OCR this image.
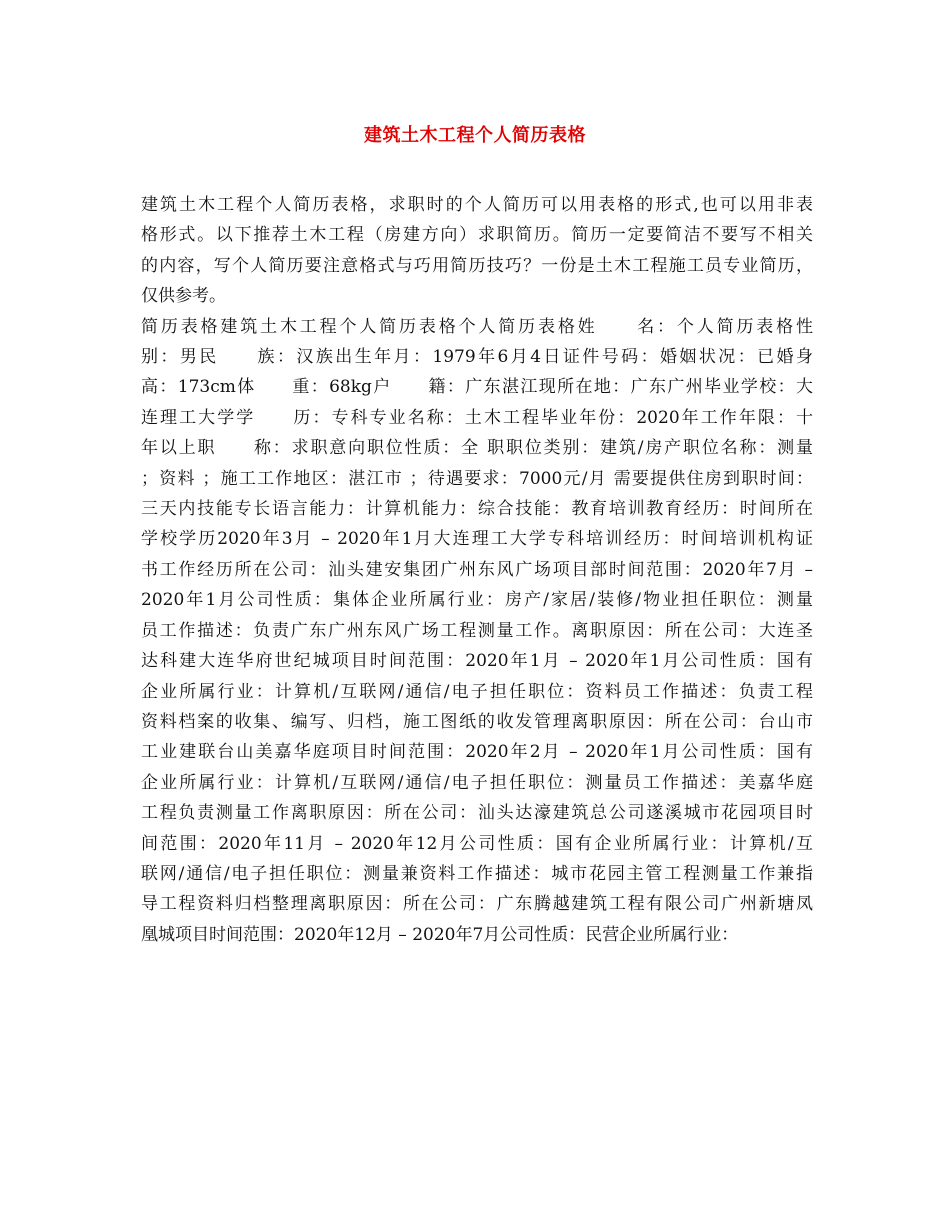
建筑土木工程个人简历表格
建筑土木工程个人简历表格，求职时的个人简历可以用表格的形式,也可以用非表
格形式。以下推荐土木工程（房建方向）求职简历。简历一定要简洁不要写不相关
的内容，写个人简历要注意格式与巧用简历技巧？一份是土木工程施工员专业简历，
仅供参考。
简历表格建筑土木工程个人简历表格个人简历表格姓　　名：个人简历表格性
别：男民　　族：汉族出生年月：1979年6月4日证件号码：婚姻状况：已婚身
高：173cm体　　重：68kg户　　籍：广东湛江现所在地：广东广州毕业学校：大
连理工大学学　　历：专科专业名称：土木工程毕业年份：2020年工作年限：十
年以上职　　称：求职意向职位性质：全 职职位类别：建筑/房产职位名称：测量
；资料 ；施工工作地区：湛江市 ；待遇要求：7000元/月 需要提供住房到职时间：
三天内技能专长语言能力：计算机能力：综合技能：教育培训教育经历：时间所在
学校学历2020年3月 – 2020年1月大连理工大学专科培训经历：时间培训机构证
书工作经历所在公司：汕头建安集团广州东风广场项目部时间范围：2020年7月 –
2020年1月公司性质：集体企业所属行业：房产/家居/装修/物业担任职位：测量
员工作描述：负责广东广州东风广场工程测量工作。离职原因：所在公司：大连圣
达科建大连华府世纪城项目时间范围：2020年1月 – 2020年1月公司性质：国有
企业所属行业：计算机/互联网/通信/电子担任职位：资料员工作描述：负责工程
资料档案的收集、编写、归档，施工图纸的收发管理离职原因：所在公司：台山市
工业建联台山美嘉华庭项目时间范围：2020年2月 – 2020年1月公司性质：国有
企业所属行业：计算机/互联网/通信/电子担任职位：测量员工作描述：美嘉华庭
工程负责测量工作离职原因：所在公司：汕头达濠建筑总公司遂溪城市花园项目时
间范围：2020年11月 – 2020年12月公司性质：国有企业所属行业：计算机/互
联网/通信/电子担任职位：测量兼资料工作描述：城市花园主管工程测量工作兼指
导工程资料归档整理离职原因：所在公司：广东腾越建筑工程有限公司广州新塘凤
凰城项目时间范围：2020年12月 – 2020年7月公司性质：民营企业所属行业：
